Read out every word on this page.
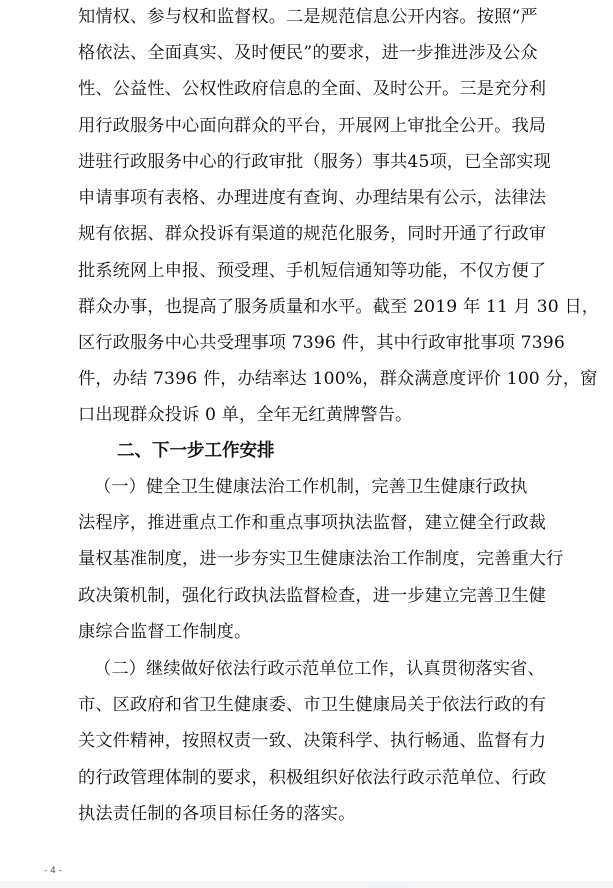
知情权、参与权和监督权。二是规范信息公开内容。按照“严
格依法、全面真实、及时便民”的要求，进一步推进涉及公众
性、公益性、公权性政府信息的全面、及时公开。三是充分利
用行政服务中心面向群众的平台，开展网上审批全公开。我局
进驻行政服务中心的行政审批（服务）事共45项，已全部实现
申请事项有表格、办理进度有查询、办理结果有公示，法律法
规有依据、群众投诉有渠道的规范化服务，同时开通了行政审
批系统网上申报、预受理、手机短信通知等功能，不仅方便了
群众办事，也提高了服务质量和水平。截至 2019 年 11 月 30 日，
区行政服务中心共受理事项 7396 件，其中行政审批事项 7396
件，办结 7396 件，办结率达 100%，群众满意度评价 100 分，窗
口出现群众投诉 0 单，全年无红黄牌警告。
二、下一步工作安排
（一）健全卫生健康法治工作机制，完善卫生健康行政执
法程序，推进重点工作和重点事项执法监督，建立健全行政裁
量权基准制度，进一步夯实卫生健康法治工作制度，完善重大行
政决策机制，强化行政执法监督检查，进一步建立完善卫生健
康综合监督工作制度。
（二）继续做好依法行政示范单位工作，认真贯彻落实省、
市、区政府和省卫生健康委、市卫生健康局关于依法行政的有
关文件精神，按照权责一致、决策科学、执行畅通、监督有力
的行政管理体制的要求，积极组织好依法行政示范单位、行政
执法责任制的各项目标任务的落实。
- 4 -
